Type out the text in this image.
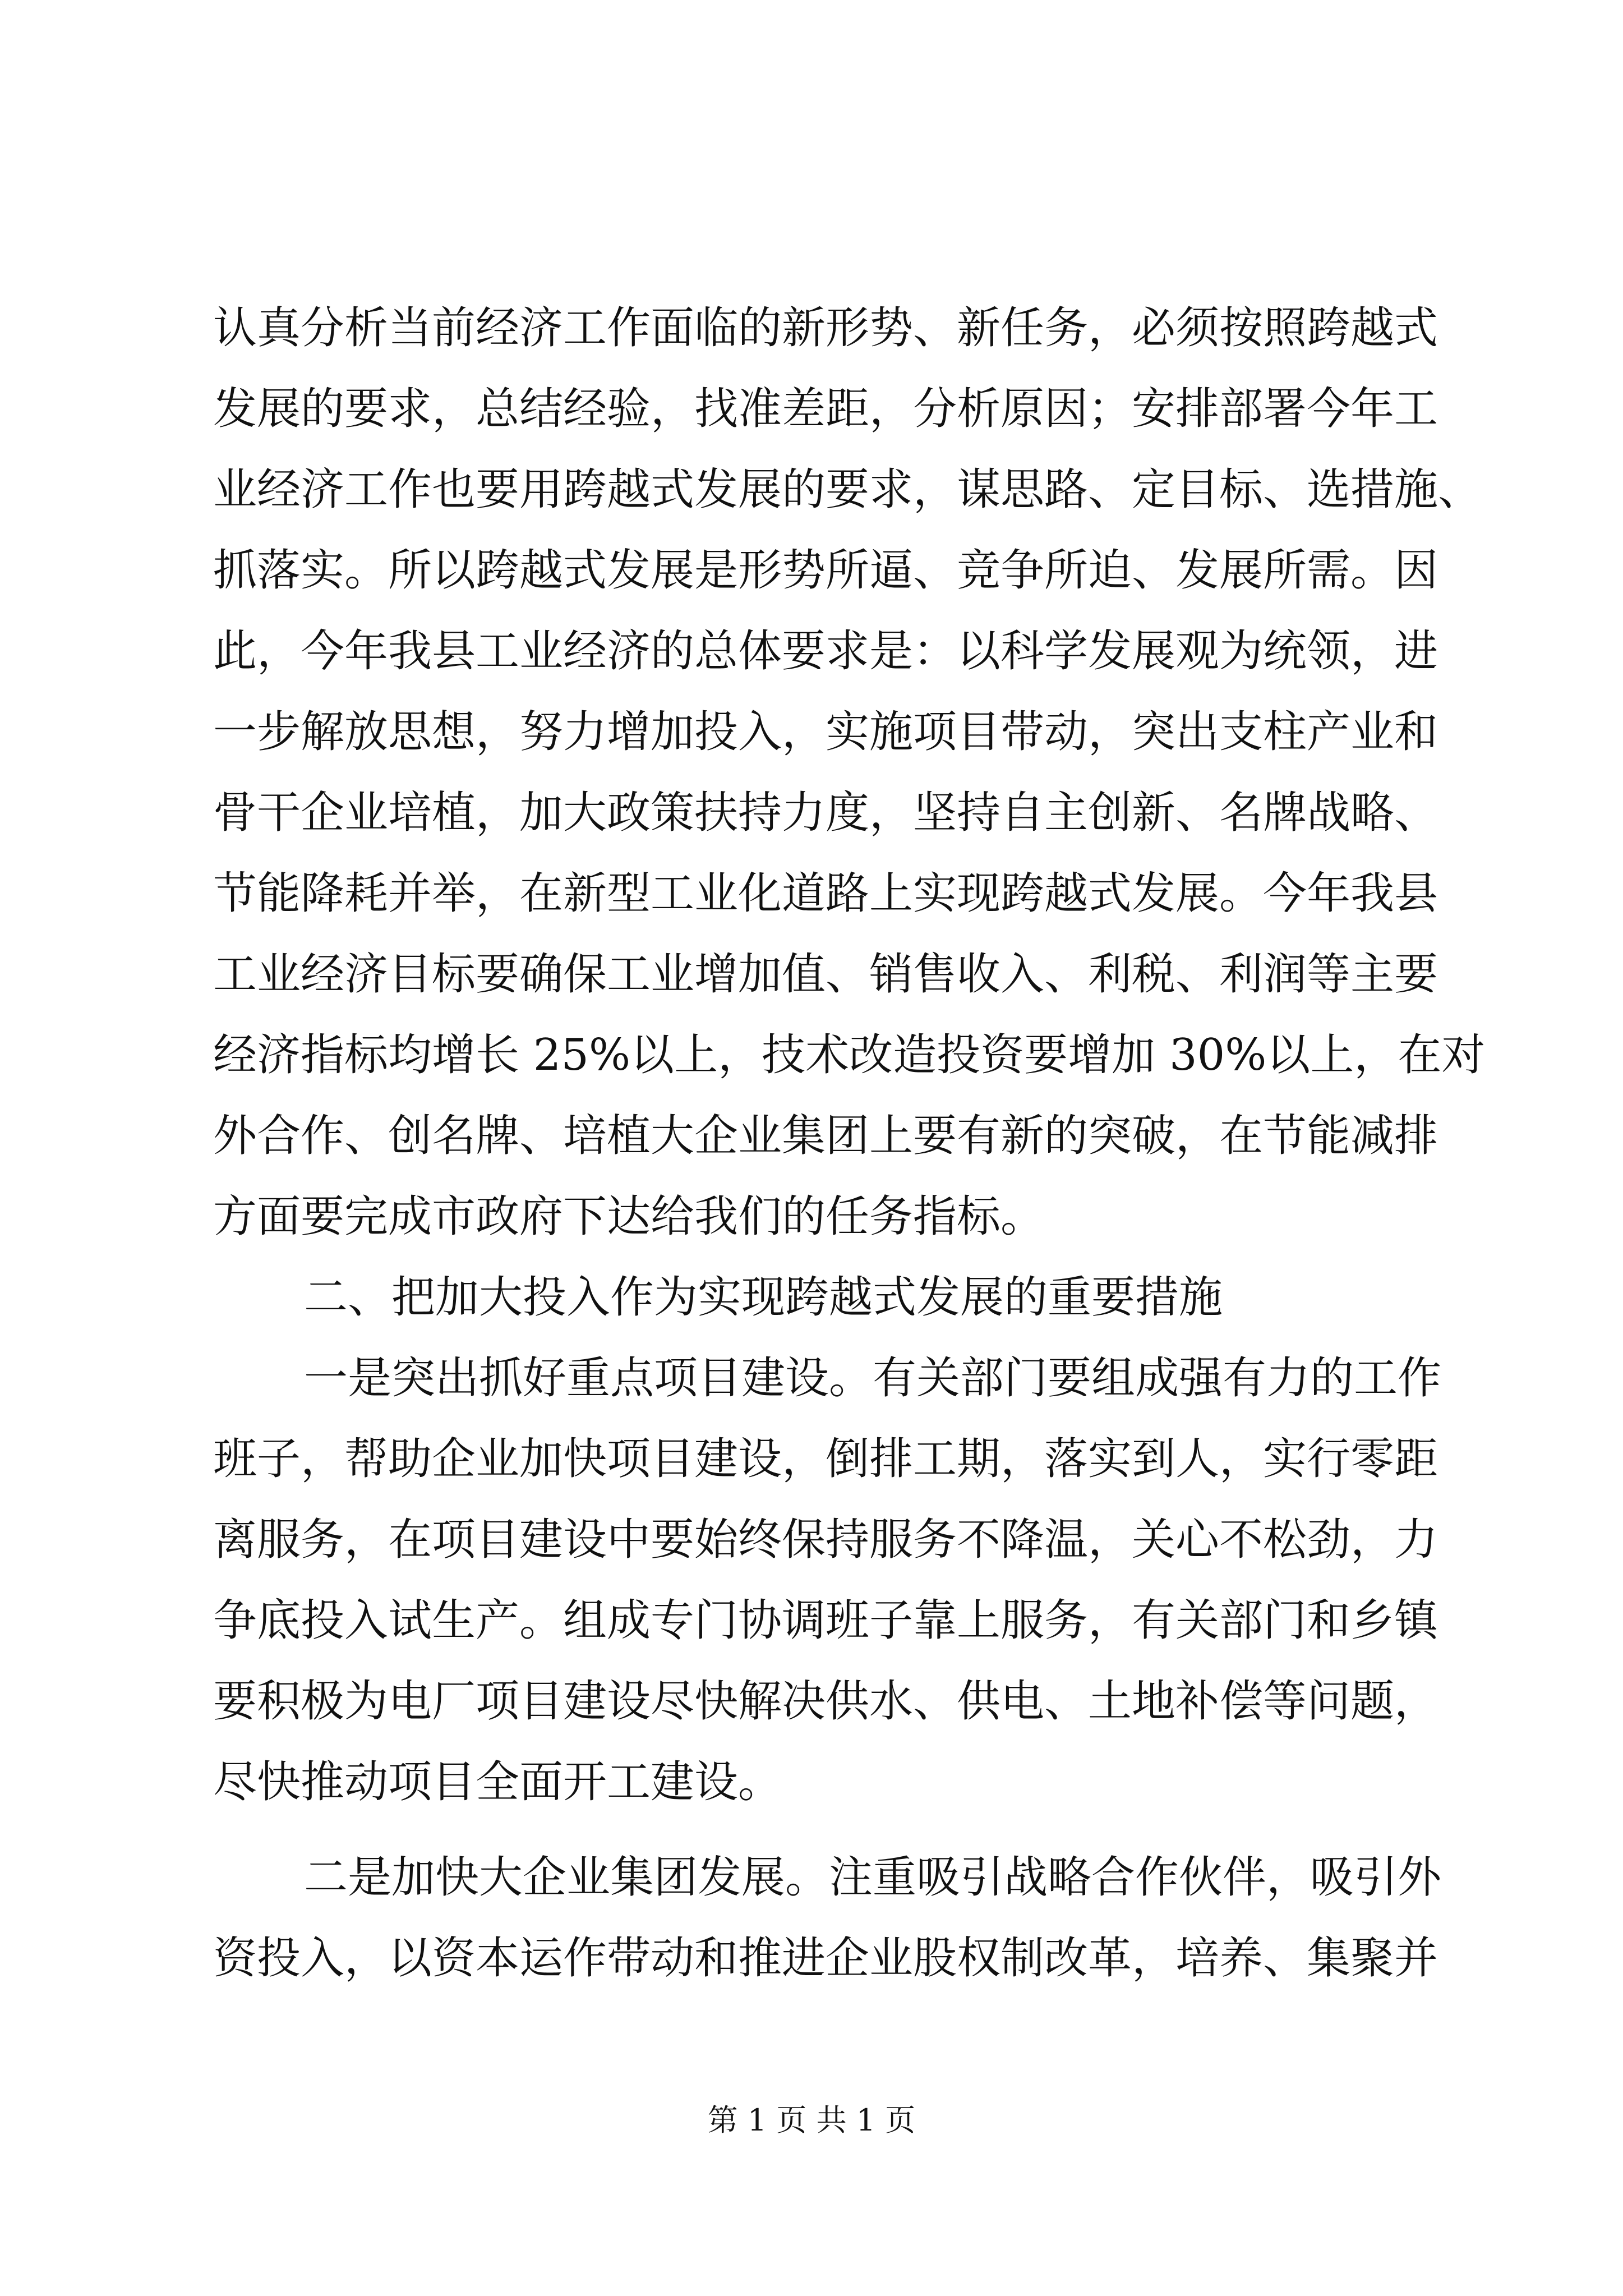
认真分析当前经济工作面临的新形势、新任务，必须按照跨越式
发展的要求，总结经验，找准差距，分析原因；安排部署今年工
业经济工作也要用跨越式发展的要求，谋思路、定目标、选措施、
抓落实。所以跨越式发展是形势所逼、竞争所迫、发展所需。因
此，今年我县工业经济的总体要求是：以科学发展观为统领，进
一步解放思想，努力增加投入，实施项目带动，突出支柱产业和
骨干企业培植，加大政策扶持力度，坚持自主创新、名牌战略、
节能降耗并举，在新型工业化道路上实现跨越式发展。今年我县
工业经济目标要确保工业增加值、销售收入、利税、利润等主要
经济指标均增长 25%以上，技术改造投资要增加 30%以上，在对
外合作、创名牌、培植大企业集团上要有新的突破，在节能减排
方面要完成市政府下达给我们的任务指标。
二、把加大投入作为实现跨越式发展的重要措施
一是突出抓好重点项目建设。有关部门要组成强有力的工作
班子，帮助企业加快项目建设，倒排工期，落实到人，实行零距
离服务，在项目建设中要始终保持服务不降温，关心不松劲，力
争底投入试生产。组成专门协调班子靠上服务，有关部门和乡镇
要积极为电厂项目建设尽快解决供水、供电、土地补偿等问题，
尽快推动项目全面开工建设。
二是加快大企业集团发展。注重吸引战略合作伙伴，吸引外
资投入，以资本运作带动和推进企业股权制改革，培养、集聚并
第 1 页 共 1 页
